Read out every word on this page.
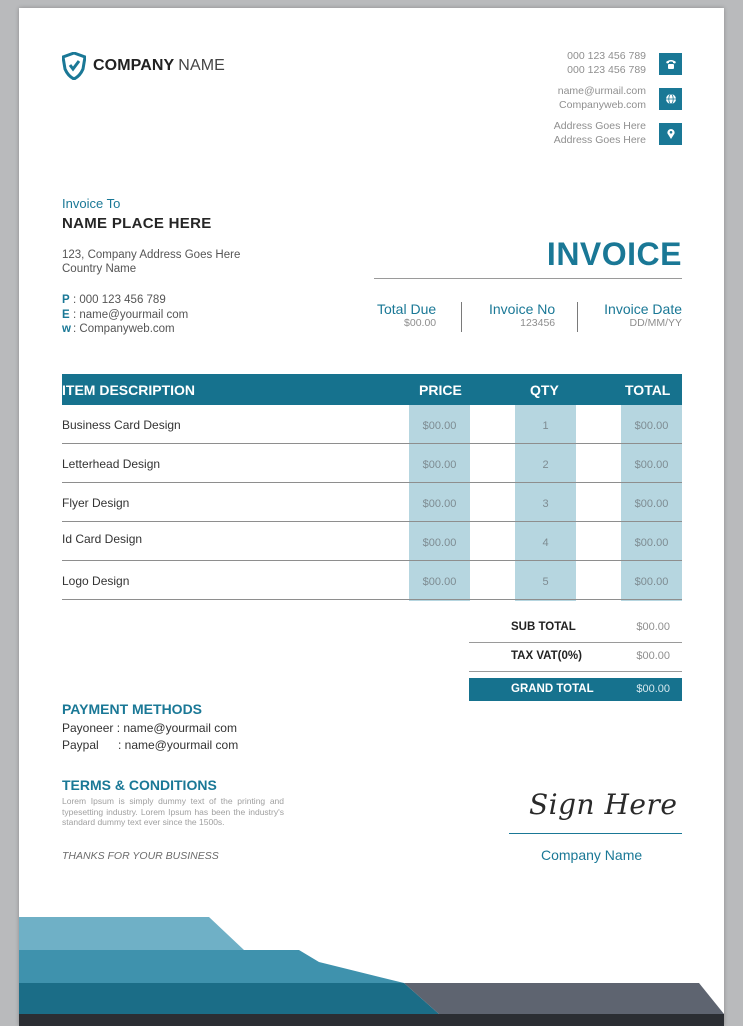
COMPANY NAME
000 123 456 789
000 123 456 789
name@urmail.com
Companyweb.com
Address Goes Here
Address Goes Here
Invoice To
NAME PLACE HERE
123, Company Address Goes Here
Country Name
P : 000 123 456 789
E : name@yourmail com
w : Companyweb.com
INVOICE
Total Due
$00.00
Invoice No
123456
Invoice Date
DD/MM/YY
ITEM DESCRIPTION	PRICE	QTY	TOTAL
Business Card Design	$00.00	1	$00.00
Letterhead Design	$00.00	2	$00.00
Flyer Design	$00.00	3	$00.00
Id Card Design	$00.00	4	$00.00
Logo Design	$00.00	5	$00.00
SUB TOTAL	$00.00
TAX VAT(0%)	$00.00
GRAND TOTAL	$00.00
PAYMENT METHODS
Payoneer : name@yourmail com
Paypal : name@yourmail com
TERMS & CONDITIONS
Lorem Ipsum is simply dummy text of the printing and typesetting industry. Lorem Ipsum has been the industry's standard dummy text ever since the 1500s.
THANKS FOR YOUR BUSINESS
Sign Here
Company Name
